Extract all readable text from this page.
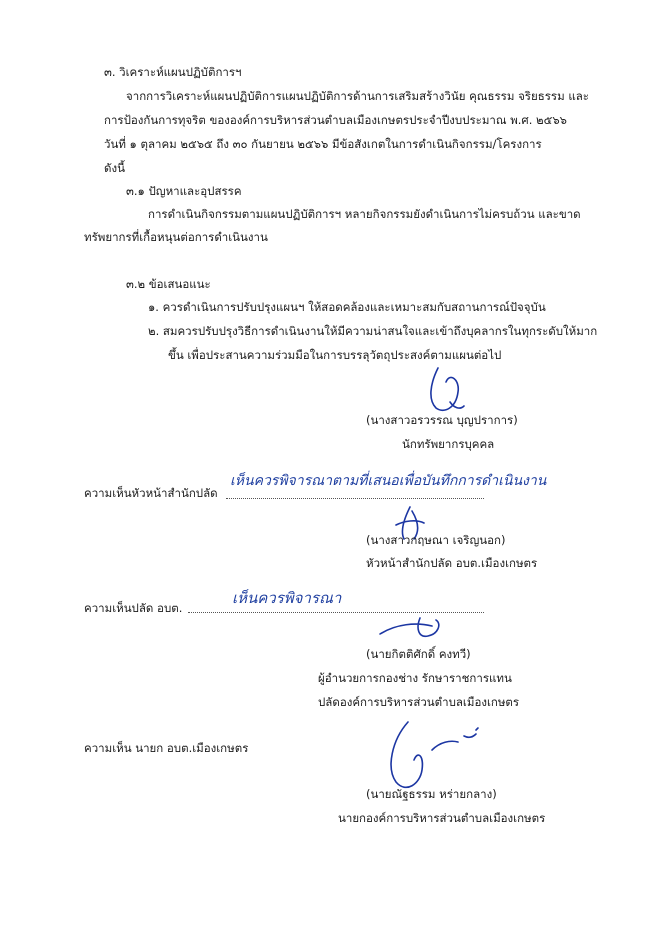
๓. วิเคราะห์แผนปฏิบัติการฯ
จากการวิเคราะห์แผนปฏิบัติการแผนปฏิบัติการด้านการเสริมสร้างวินัย คุณธรรม จริยธรรม และ
การป้องกันการทุจริต ขององค์การบริหารส่วนตำบลเมืองเกษตรประจำปีงบประมาณ พ.ศ. ๒๕๖๖
วันที่ ๑ ตุลาคม ๒๕๖๕ ถึง ๓๐ กันยายน ๒๕๖๖ มีข้อสังเกตในการดำเนินกิจกรรม/โครงการ
ดังนี้
๓.๑ ปัญหาและอุปสรรค
การดำเนินกิจกรรมตามแผนปฏิบัติการฯ หลายกิจกรรมยังดำเนินการไม่ครบถ้วน และขาด
ทรัพยากรที่เกื้อหนุนต่อการดำเนินงาน
๓.๒ ข้อเสนอแนะ
๑. ควรดำเนินการปรับปรุงแผนฯ ให้สอดคล้องและเหมาะสมกับสถานการณ์ปัจจุบัน
๒. สมควรปรับปรุงวิธีการดำเนินงานให้มีความน่าสนใจและเข้าถึงบุคลากรในทุกระดับให้มาก
ขึ้น เพื่อประสานความร่วมมือในการบรรลุวัตถุประสงค์ตามแผนต่อไป
(นางสาวอรวรรณ บุญปราการ)
นักทรัพยากรบุคคล
ความเห็นหัวหน้าสำนักปลัด
เห็นควรพิจารณาตามที่เสนอเพื่อบันทึกการดำเนินงาน
(นางสาวกฤษณา เจริญนอก)
หัวหน้าสำนักปลัด อบต.เมืองเกษตร
ความเห็นปลัด อบต.
เห็นควรพิจารณา
(นายกิตติศักดิ์ คงทวี)
ผู้อำนวยการกองช่าง รักษาราชการแทน
ปลัดองค์การบริหารส่วนตำบลเมืองเกษตร
ความเห็น นายก อบต.เมืองเกษตร
(นายณัฐธรรม หร่ายกลาง)
นายกองค์การบริหารส่วนตำบลเมืองเกษตร
